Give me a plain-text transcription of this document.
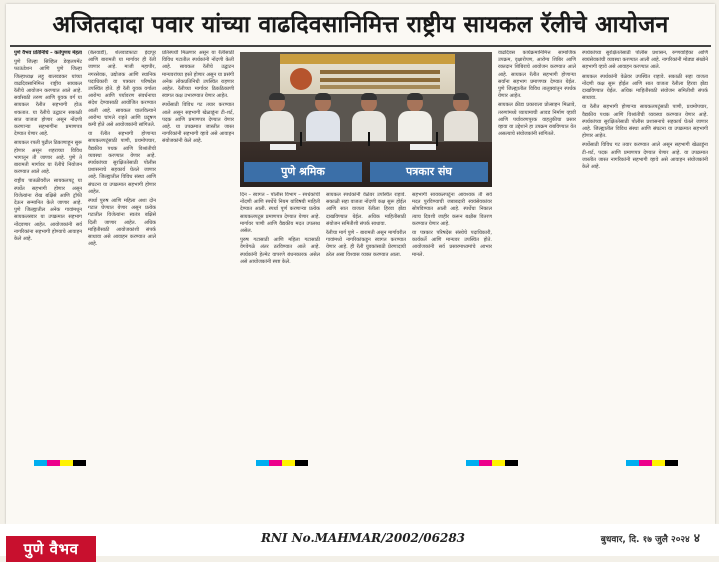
अजितदादा पवार यांच्या वाढदिवसानिमित्त राष्ट्रीय सायकल रॅलीचे आयोजन

पुणे वैभव प्रतिनिधि – कर्तेपुणय मेहता

पुणे जिल्हा सिव्हिल डेव्हलपमेंट फाऊंडेशन आणि पुणे जिल्हा जिल्हाध्यक्ष लहू बालवडकर यांच्या वाढदिवसानिमित्त राष्ट्रीय सायकल रॅलीचे आयोजन करण्यात आले आहे. सर्वांसाठी तरुण आणि युवक वर्ग या सायकल रॅलीत सहभागी होऊ शकतात. या रॅलीचे उद्घाटन सकाळी सात वाजता होणार असून नोंदणी करणाऱ्या सहभागींना प्रमाणपत्र देण्यात येणार आहे.

सायकल रपली पुढील ठिकाणाहून सुरू होणार असून शहराच्या विविध भागातून ती जाणार आहे. पुणे ते बारामती मार्गावर या रॅलीचे नियोजन करण्यात आले आहे.

राष्ट्रीय पातळीवरील सायकलपटू या स्पर्धेत सहभागी होणार असून विजेत्यांना रोख बक्षिसे आणि ट्रॉफी देऊन सन्मानित केले जाणार आहे. पुणे जिल्ह्यातील अनेक गावांमधून सायकलस्वार या उपक्रमात सहभाग नोंदवणार आहेत. आयोजकांनी सर्व नागरिकांना सहभागी होण्याचे आवाहन केले आहे.

(बेलवाडी), शेलवाडफाटा इंदापूर आणि बारामती या मार्गावर ही रॅली जाणार आहे. माजी महापौर, नगरसेवक, उद्योजक आणि स्थानिक पदाधिकारी या पत्रकार परिषदेस उपस्थित होते. ही रॅली युवक वर्गाला आरोग्य आणि पर्यावरण संवर्धनाचा संदेश देण्यासाठी आयोजित करण्यात आली आहे. सायकल चालविल्याने आरोग्य चांगले राहते आणि प्रदूषण कमी होते असे आयोजकांनी सांगितले.

या रॅलीत सहभागी होणाऱ्या सायकलपटूंसाठी पाणी, प्रथमोपचार, वैद्यकीय पथक आणि विश्रांतीची व्यवस्था करण्यात येणार आहे. स्पर्धकांच्या सुरक्षिततेसाठी पोलीस प्रशासनाचे सहकार्य घेतले जाणार आहे. जिल्ह्यातील विविध संस्था आणि संघटना या उपक्रमात सहभागी होणार आहेत.

स्पर्धा पुरुष आणि महिला अशा दोन गटात घेण्यात येणार असून प्रत्येक गटातील विजेत्यांना स्वतंत्र बक्षिसे दिली जाणार आहेत. अधिक माहितीसाठी आयोजकांशी संपर्क साधावा असे आवाहन करण्यात आले आहे.

प्रतिस्पर्धी मिळणार असून या रॅलीसाठी विविध गटातील स्पर्धकांनी नोंदणी केली आहे. सायकल रॅलीचे उद्घाटन मान्यवरांच्या हस्ते होणार असून या प्रसंगी अनेक लोकप्रतिनिधी उपस्थित राहणार आहेत. रॅलीच्या मार्गावर ठिकठिकाणी स्वागत कक्ष उभारण्यात येणार आहेत.

स्पर्धेसाठी विविध गट तयार करण्यात आले असून सहभागी खेळाडूंना टी-शर्ट, पदक आणि प्रमाणपत्र देण्यात येणार आहे. या उपक्रमात जास्तीत जास्त नागरिकांनी सहभागी व्हावे असे आवाहन संयोजकांनी केले आहे.

पुणे श्रमिक	पत्रकार संघ

दिन – स्वागत – पोलीस विभाग – स्पर्धकांची नोंदणी आणि स्पर्धेचे नियम यांविषयी माहिती देण्यात आली. स्पर्धा पूर्ण करणाऱ्या प्रत्येक सायकलपटूस प्रमाणपत्र देण्यात येणार आहे. मार्गावर पाणी आणि वैद्यकीय मदत उपलब्ध असेल.

पुरुष गटासाठी आणि महिला गटासाठी वेगवेगळे अंतर ठरविण्यात आले आहे. स्पर्धकांनी हेल्मेट वापरणे बंधनकारक असेल असे आयोजकांनी स्पष्ट केले.

सायकल स्पर्धकांनी वेळेवर उपस्थित राहावे. सकाळी सहा वाजता नोंदणी कक्ष सुरू होईल आणि सात वाजता रॅलीला हिरवा झेंडा दाखविण्यात येईल. अधिक माहितीसाठी संयोजन समितीशी संपर्क साधावा.

रॅलीचा मार्ग पुणे – बारामती असून मार्गावरील गावांमध्ये नागरिकांकडून स्वागत करण्यात येणार आहे. ही रॅली युवकांसाठी प्रेरणादायी ठरेल असा विश्वास व्यक्त करण्यात आला.

सहभागी सायकलपटूंना आवश्यक ती सर्व मदत पुरविण्याची जबाबदारी स्वयंसेवकांवर सोपविण्यात आली आहे. स्पर्धेचा निकाल त्याच दिवशी जाहीर करून बक्षीस वितरण करण्यात येणार आहे.

या पत्रकार परिषदेस संस्थेचे पदाधिकारी, कार्यकर्ते आणि मान्यवर उपस्थित होते. आयोजकांनी सर्व प्रसारमाध्यमांचे आभार मानले.

वाढदिवस कार्यक्रमानिमित्त सामाजिक उपक्रम, वृक्षारोपण, आरोग्य शिबिर आणि रक्तदान शिबिराचे आयोजन करण्यात आले आहे. सायकल रॅलीत सहभागी होणाऱ्या सर्वांना सहभाग प्रमाणपत्र देण्यात येईल. पुणे जिल्ह्यातील विविध तालुक्यांतून स्पर्धक येणार आहेत.

सायकल क्रीडा प्रकाराला प्रोत्साहन मिळावे, तरुणांमध्ये व्यायामाची आवड निर्माण व्हावी आणि पर्यावरणपूरक वाहतुकीचा प्रसार व्हावा या उद्देशाने हा उपक्रम राबविण्यात येत असल्याचे संयोजकांनी सांगितले.

स्पर्धकांच्या सुरक्षिततेसाठी पोलीस प्रशासन, रुग्णवाहिका आणि स्वयंसेवकांची व्यवस्था करण्यात आली आहे. नागरिकांनी मोठ्या संख्येने सहभागी व्हावे असे आवाहन करण्यात आले.

सायकल स्पर्धकांनी वेळेवर उपस्थित राहावे. सकाळी सहा वाजता नोंदणी कक्ष सुरू होईल आणि सात वाजता रॅलीला हिरवा झेंडा दाखविण्यात येईल. अधिक माहितीसाठी संयोजन समितीशी संपर्क साधावा.

या रॅलीत सहभागी होणाऱ्या सायकलपटूंसाठी पाणी, प्रथमोपचार, वैद्यकीय पथक आणि विश्रांतीची व्यवस्था करण्यात येणार आहे. स्पर्धकांच्या सुरक्षिततेसाठी पोलीस प्रशासनाचे सहकार्य घेतले जाणार आहे. जिल्ह्यातील विविध संस्था आणि संघटना या उपक्रमात सहभागी होणार आहेत.

स्पर्धेसाठी विविध गट तयार करण्यात आले असून सहभागी खेळाडूंना टी-शर्ट, पदक आणि प्रमाणपत्र देण्यात येणार आहे. या उपक्रमात जास्तीत जास्त नागरिकांनी सहभागी व्हावे असे आवाहन संयोजकांनी केले आहे.

पुणे वैभव
RNI No.MAHMAR/2002/06283	बुधवार, दि. १७ जुलै २०२४ ४
